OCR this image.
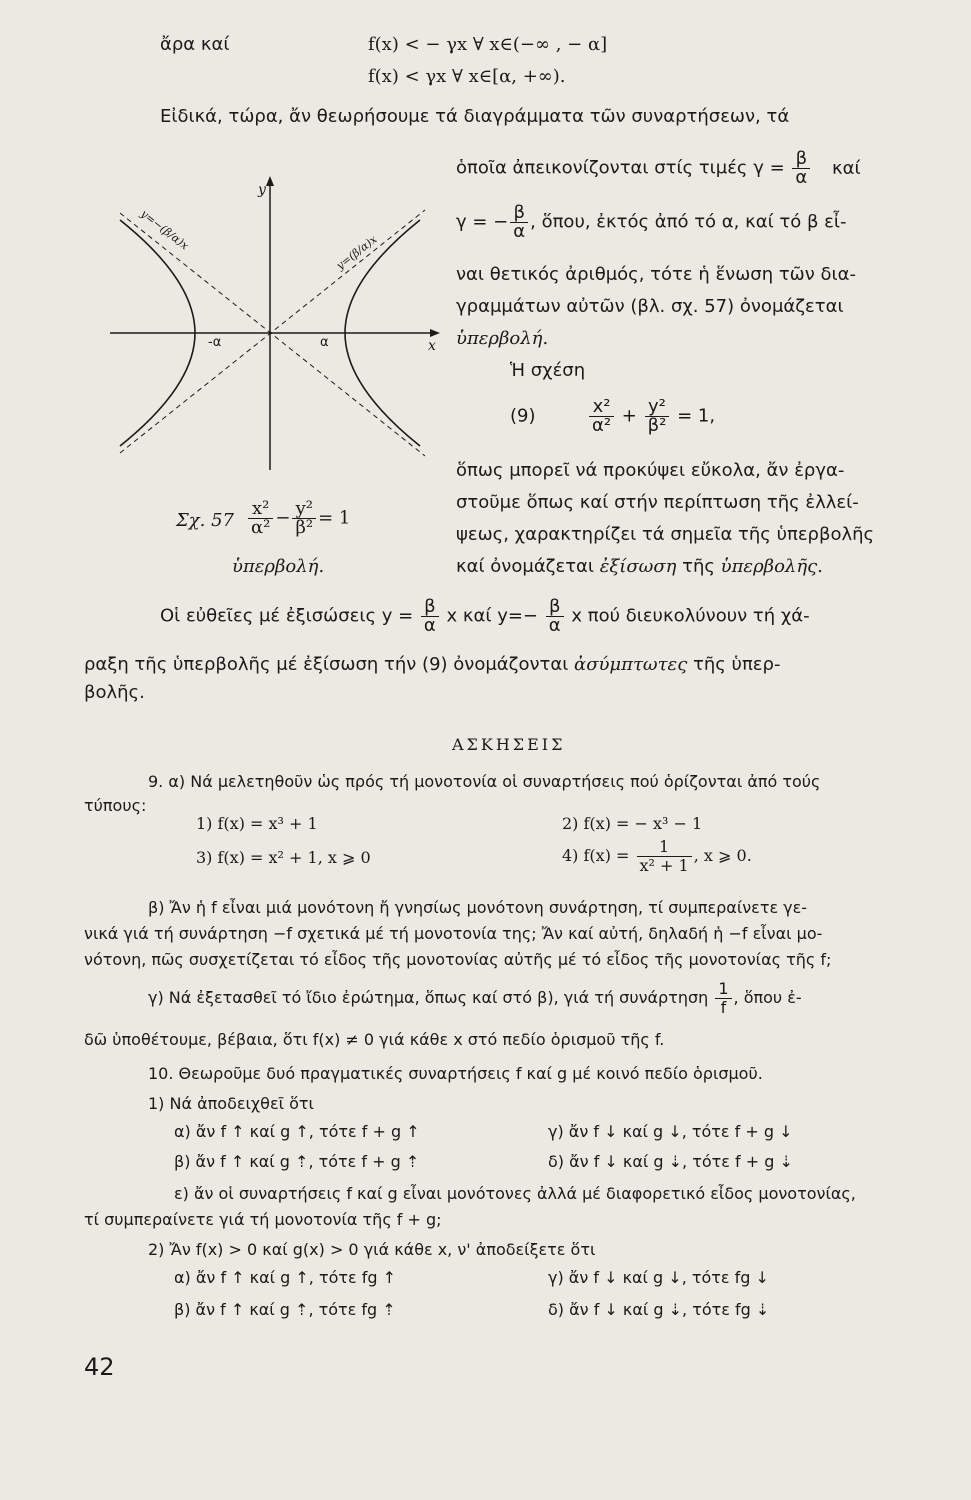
ἄρα καί	f(x) < − γx ∀ x∈(−∞ , − α]
f(x) < γx ∀ x∈[α, +∞).
Εἰδικά, τώρα, ἄν θεωρήσουμε τά διαγράμματα τῶν συναρτήσεων, τά
ὁποῖα ἀπεικονίζονται στίς τιμές $\gamma = \frac{\beta}{\alpha}$ καί
γ = − $\frac{\beta}{\alpha}$ , ὅπου, ἐκτός ἀπό τό α, καί τό β εἶ-
ναι θετικός ἀριθμός, τότε ἡ ἕνωση τῶν δια-
γραμμάτων αὐτῶν (βλ. σχ. 57) ὀνομάζεται
ὑπερβολή.
Ἡ σχέση
(9)	$\frac{\text{x²}}{\text{α²}} + \frac{\text{y²}}{\text{β²}} = 1$,
ὅπως μπορεῖ νά προκύψει εὔκολα, ἄν ἐργα-
στοῦμε ὅπως καί στήν περίπτωση τῆς ἐλλεί-
ψεως, χαρακτηρίζει τά σημεῖα τῆς ὑπερβολῆς
καί ὀνομάζεται ἐξίσωση τῆς ὑπερβολῆς.
y
x
-α	α
y=−(β/α)x
y=(β/α)x
Σχ. $57 \frac{\text{x²}}{\text{α²}} - \frac{\text{y²}}{\text{β²}} = 1$
ὑπερβολή.
Οἱ εὐθεῖες μέ ἐξισώσεις $y = \frac{\beta}{\alpha}$ x καί $y=- \frac{\beta}{\alpha}$ x πού διευκολύνουν τή χά-
ραξη τῆς ὑπερβολῆς μέ ἐξίσωση τήν (9) ὀνομάζονται ἀσύμπτωτες τῆς ὑπερ-
βολῆς.
ΑΣΚΗΣΕΙΣ
9. α) Νά μελετηθοῦν ὡς πρός τή μονοτονία οἱ συναρτήσεις πού ὁρίζονται ἀπό τούς
τύπους:
1) f(x) = x³ + 1	2) f(x) = − x³ − 1
3) f(x) = x² + 1, x ⩾ 0	4) $f(x) = \frac{1}{\text{x² + 1}}$ , x ⩾ 0.
β) Ἄν ἡ f εἶναι μιά μονότονη ἤ γνησίως μονότονη συνάρτηση, τί συμπεραίνετε γε-
νικά γιά τή συνάρτηση −f σχετικά μέ τή μονοτονία της; Ἄν καί αὐτή, δηλαδή ἡ −f εἶναι μο-
νότονη, πῶς συσχετίζεται τό εἶδος τῆς μονοτονίας αὐτῆς μέ τό εἶδος τῆς μονοτονίας τῆς f;
γ) Νά ἐξετασθεῖ τό ἴδιο ἐρώτημα, ὅπως καί στό β), γιά τή συνάρτηση $\frac{1}{f}$ , ὅπου ἐ-
δῶ ὑποθέτουμε, βέβαια, ὅτι f(x) ≠ 0 γιά κάθε x στό πεδίο ὁρισμοῦ τῆς f.
10. Θεωροῦμε δυό πραγματικές συναρτήσεις f καί g μέ κοινό πεδίο ὁρισμοῦ.
1) Νά ἀποδειχθεῖ ὅτι
α) ἄν f ↑ καί g ↑, τότε f + g ↑	γ) ἄν f ↓ καί g ↓, τότε f + g ↓
β) ἄν f ↑ καί g ⇡, τότε f + g ⇡	δ) ἄν f ↓ καί g ⇣, τότε f + g ⇣
ε) ἄν οἱ συναρτήσεις f καί g εἶναι μονότονες ἀλλά μέ διαφορετικό εἶδος μονοτονίας,
τί συμπεραίνετε γιά τή μονοτονία τῆς f + g;
2) Ἄν f(x) > 0 καί g(x) > 0 γιά κάθε x, ν' ἀποδείξετε ὅτι
α) ἄν f ↑ καί g ↑, τότε fg ↑	γ) ἄν f ↓ καί g ↓, τότε fg ↓
β) ἄν f ↑ καί g ⇡, τότε fg ⇡	δ) ἄν f ↓ καί g ⇣, τότε fg ⇣
42
